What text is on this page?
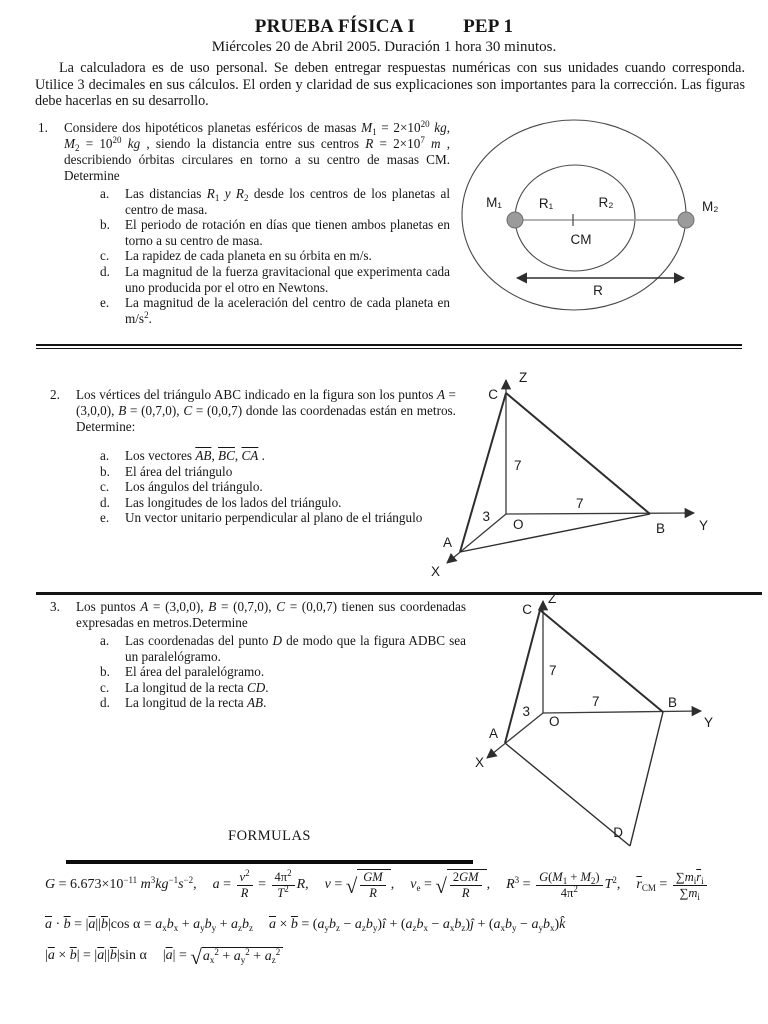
PRUEBA FÍSICA I	PEP 1
Miércoles 20 de Abril 2005. Duración 1 hora 30 minutos.
La calculadora es de uso personal. Se deben entregar respuestas numéricas con sus unidades cuando corresponda. Utilice 3 decimales en sus cálculos. El orden y claridad de sus explicaciones son importantes para la corrección. Las figuras debe hacerlas en su desarrollo.
1.	Considere dos hipotéticos planetas esféricos de masas $M_1 = 2\times 10^{20}$ kg, $M_2 = 10^{20}$ kg , siendo la distancia entre sus centros $R = 2\times 10^7$ m , describiendo órbitas circulares en torno a su centro de masas CM. Determine
a.	Las distancias $R_1$ y $R_2$ desde los centros de los planetas al centro de masa.
b.	El periodo de rotación en días que tienen ambos planetas en torno a su centro de masa.
c.	La rapidez de cada planeta en su órbita en m/s.
d.	La magnitud de la fuerza gravitacional que experimenta cada uno producida por el otro en Newtons.
e.	La magnitud de la aceleración del centro de cada planeta en $m/s^2$.
M₁	R₁	R₂	M₂
CM
R
2.	Los vértices del triángulo ABC indicado en la figura son los puntos A = (3,0,0), B = (0,7,0), C = (0,0,7) donde las coordenadas están en metros. Determine:
a.	Los vectores $\overline{AB}$, $\overline{BC}$, $\overline{CA}$ .
b.	El área del triángulo
c.	Los ángulos del triángulo.
d.	Las longitudes de los lados del triángulo.
e.	Un vector unitario perpendicular al plano de el triángulo
Z
C
7
7
3
O	B	Y
A
X
3.	Los puntos A = (3,0,0), B = (0,7,0), C = (0,0,7) tienen sus coordenadas expresadas en metros.Determine
a.	Las coordenadas del punto D de modo que la figura ADBC sea un paralelógramo.
b.	El área del paralelógramo.
c.	La longitud de la recta CD.
d.	La longitud de la recta AB.
Z
C
7
7
3
O
B
Y
A
X
D
FORMULAS
$G = 6.673\times 10^{-11}$ $m^3kg^{-1}s^{-2}$, $a = \frac{v^2}{R} = \frac{4\pi^2}{T^2} R$, v = √ $\frac{GM}{R}$ , $v_e$ = √ $\frac{2GM}{R}$ , $R^3 = \frac{G(M_1 + M_2)}{4\pi^2} T^2$, $\overline{r}_{CM} = \frac{\sum m_i\overline{r}_i}{\sum m_i}$
$\overline{a} \cdot \overline{b} = |\overline{a}||\overline{b}|\cos$ $\alpha = a_xb_x + a_yb_y + a_zb_z$ $\overline{a} \times \overline{b} = (a_yb_z$ − $a_zb_y)î + (a_zb_x$ − $a_xb_z)ĵ + (a_xb_y$ − $a_yb_x)k̂$
$|\overline{a} \times \overline{b}| = |\overline{a}||\overline{b}|\sin$ α $|\overline{a}| = √a_x^2 + a_y^2 + a_z^2$
